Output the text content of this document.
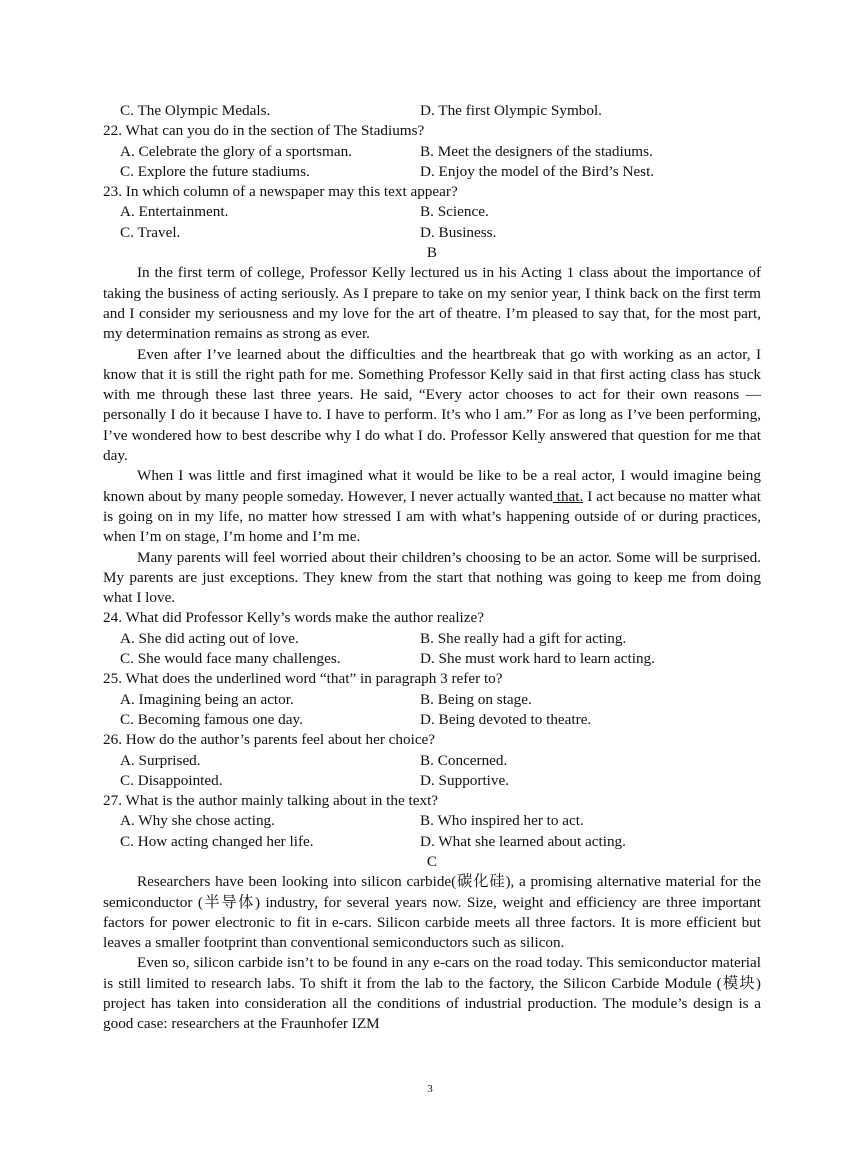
C. The Olympic Medals.	D. The first Olympic Symbol.
22. What can you do in the section of The Stadiums?
A. Celebrate the glory of a sportsman.	B. Meet the designers of the stadiums.
C. Explore the future stadiums.	D. Enjoy the model of the Bird’s Nest.
23. In which column of a newspaper may this text appear?
A. Entertainment.	B. Science.
C. Travel.	D. Business.
B

In the first term of college, Professor Kelly lectured us in his Acting 1 class about the importance of taking the business of acting seriously. As I prepare to take on my senior year, I think back on the first term and I consider my seriousness and my love for the art of theatre. I’m pleased to say that, for the most part, my determination remains as strong as ever.

Even after I’ve learned about the difficulties and the heartbreak that go with working as an actor, I know that it is still the right path for me. Something Professor Kelly said in that first acting class has stuck with me through these last three years. He said, “Every actor chooses to act for their own reasons — personally I do it because I have to. I have to perform. It’s who l am.” For as long as I’ve been performing, I’ve wondered how to best describe why I do what I do. Professor Kelly answered that question for me that day.

When I was little and first imagined what it would be like to be a real actor, I would imagine being known about by many people someday. However, I never actually wanted that. I act because no matter what is going on in my life, no matter how stressed I am with what’s happening outside of or during practices, when I’m on stage, I’m home and I’m me.

Many parents will feel worried about their children’s choosing to be an actor. Some will be surprised. My parents are just exceptions. They knew from the start that nothing was going to keep me from doing what I love.

24. What did Professor Kelly’s words make the author realize?
A. She did acting out of love.	B. She really had a gift for acting.
C. She would face many challenges.	D. She must work hard to learn acting.
25. What does the underlined word “that” in paragraph 3 refer to?
A. Imagining being an actor.	B. Being on stage.
C. Becoming famous one day.	D. Being devoted to theatre.
26. How do the author’s parents feel about her choice?
A. Surprised.	B. Concerned.
C. Disappointed.	D. Supportive.
27. What is the author mainly talking about in the text?
A. Why she chose acting.	B. Who inspired her to act.
C. How acting changed her life.	D. What she learned about acting.
C

Researchers have been looking into silicon carbide(碳化硅), a promising alternative material for the semiconductor (半导体) industry, for several years now. Size, weight and efficiency are three important factors for power electronic to fit in e-cars. Silicon carbide meets all three factors. It is more efficient but leaves a smaller footprint than conventional semiconductors such as silicon.

Even so, silicon carbide isn’t to be found in any e-cars on the road today. This semiconductor material is still limited to research labs. To shift it from the lab to the factory, the Silicon Carbide Module (模块) project has taken into consideration all the conditions of industrial production. The module’s design is a good case: researchers at the Fraunhofer IZM

3
